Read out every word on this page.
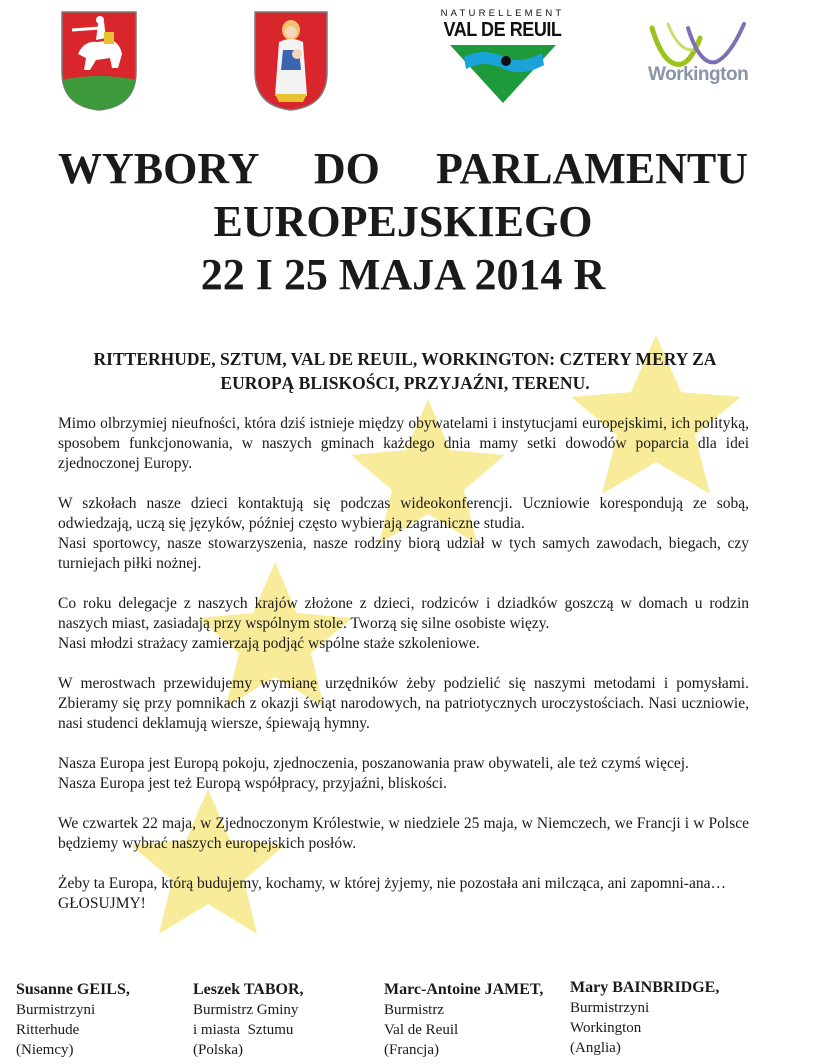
NATURELLEMENT
VAL DE REUIL
Workington
WYBORY DO PARLAMENTU
EUROPEJSKIEGO
22 I 25 MAJA 2014 R
RITTERHUDE, SZTUM, VAL DE REUIL, WORKINGTON: CZTERY MERY ZA EUROPĄ BLISKOŚCI, PRZYJAŹNI, TERENU.

Mimo olbrzymiej nieufności, która dziś istnieje między obywatelami i instytucjami europejskimi, ich polityką, sposobem funkcjonowania, w naszych gminach każdego dnia mamy setki dowodów poparcia dla idei zjednoczonej Europy.

W szkołach nasze dzieci kontaktują się podczas wideokonferencji. Uczniowie korespondują ze sobą, odwiedzają, uczą się języków, później często wybierają zagraniczne studia.
Nasi sportowcy, nasze stowarzyszenia, nasze rodziny biorą udział w tych samych zawodach, biegach, czy turniejach piłki nożnej.

Co roku delegacje z naszych krajów złożone z dzieci, rodziców i dziadków goszczą w domach u rodzin naszych miast, zasiadają przy wspólnym stole. Tworzą się silne osobiste więzy.
Nasi młodzi strażacy zamierzają podjąć wspólne staże szkoleniowe.

W merostwach przewidujemy wymianę urzędników żeby podzielić się naszymi metodami i pomysłami. Zbieramy się przy pomnikach z okazji świąt narodowych, na patriotycznych uroczystościach. Nasi uczniowie, nasi studenci deklamują wiersze, śpiewają hymny.

Nasza Europa jest Europą pokoju, zjednoczenia, poszanowania praw obywateli, ale też czymś więcej.
Nasza Europa jest też Europą współpracy, przyjaźni, bliskości.

We czwartek 22 maja, w Zjednoczonym Królestwie, w niedziele 25 maja, w Niemczech, we Francji i w Polsce będziemy wybrać naszych europejskich posłów.

Żeby ta Europa, którą budujemy, kochamy, w której żyjemy, nie pozostała ani milcząca, ani zapomni-ana…
GŁOSUJMY!

Susanne GEILS,
Burmistrzyni
Ritterhude
(Niemcy)
Leszek TABOR,
Burmistrz Gminy
i miasta  Sztumu
(Polska)
Marc-Antoine JAMET,
Burmistrz
Val de Reuil
(Francja)
Mary BAINBRIDGE,
Burmistrzyni
Workington
(Anglia)
